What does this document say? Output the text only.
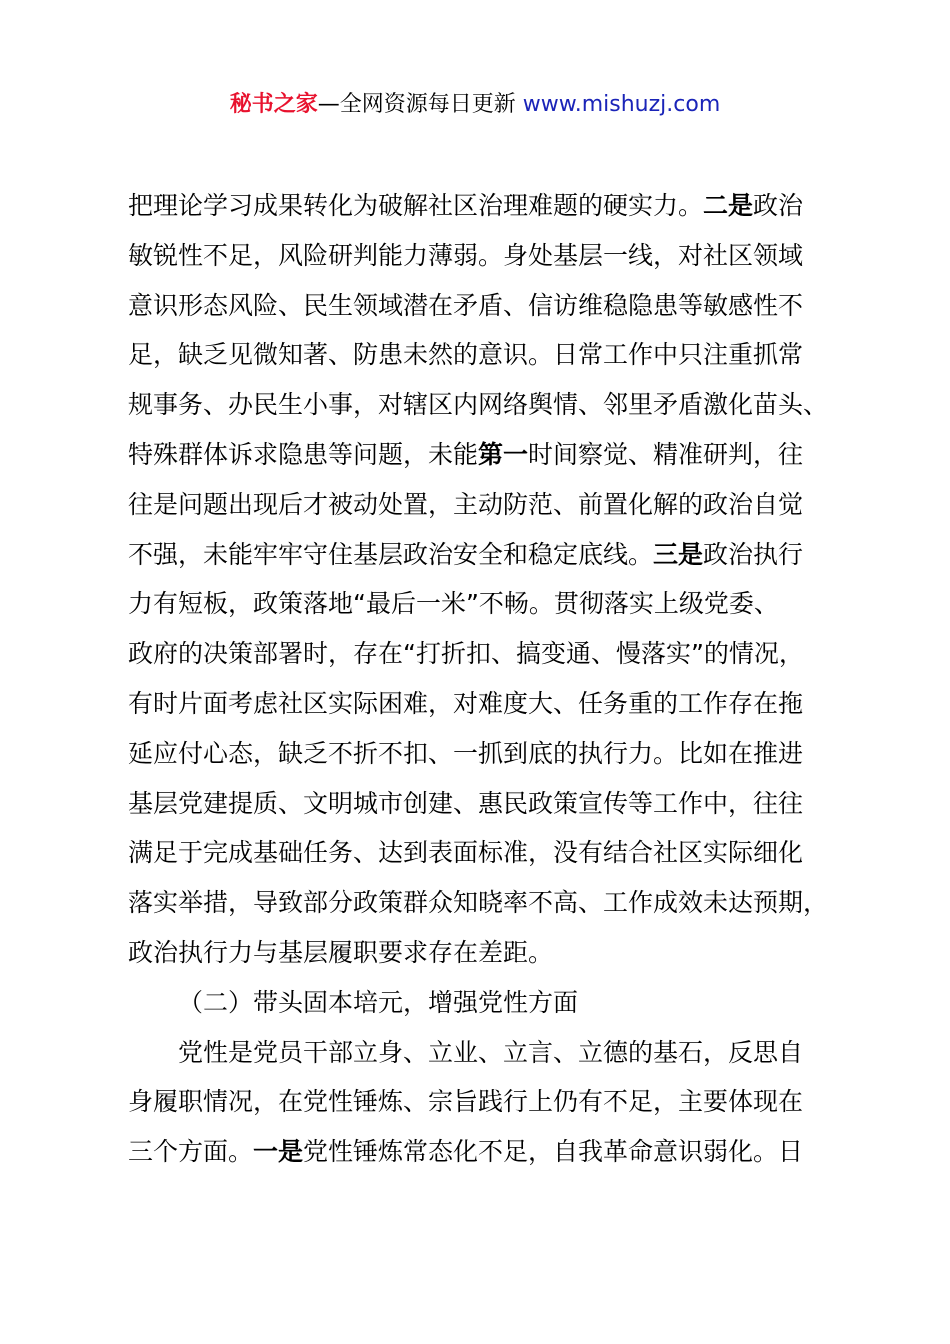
秘书之家—全网资源每日更新 www.mishuzj.com
把理论学习成果转化为破解社区治理难题的硬实力。二是政治
敏锐性不足，风险研判能力薄弱。身处基层一线，对社区领域
意识形态风险、民生领域潜在矛盾、信访维稳隐患等敏感性不
足，缺乏见微知著、防患未然的意识。日常工作中只注重抓常
规事务、办民生小事，对辖区内网络舆情、邻里矛盾激化苗头、
特殊群体诉求隐患等问题，未能第一时间察觉、精准研判，往
往是问题出现后才被动处置，主动防范、前置化解的政治自觉
不强，未能牢牢守住基层政治安全和稳定底线。三是政治执行
力有短板，政策落地“最后一米”不畅。贯彻落实上级党委、
政府的决策部署时，存在“打折扣、搞变通、慢落实”的情况，
有时片面考虑社区实际困难，对难度大、任务重的工作存在拖
延应付心态，缺乏不折不扣、一抓到底的执行力。比如在推进
基层党建提质、文明城市创建、惠民政策宣传等工作中，往往
满足于完成基础任务、达到表面标准，没有结合社区实际细化
落实举措，导致部分政策群众知晓率不高、工作成效未达预期，
政治执行力与基层履职要求存在差距。
（二）带头固本培元，增强党性方面
党性是党员干部立身、立业、立言、立德的基石，反思自
身履职情况，在党性锤炼、宗旨践行上仍有不足，主要体现在
三个方面。一是党性锤炼常态化不足，自我革命意识弱化。日
